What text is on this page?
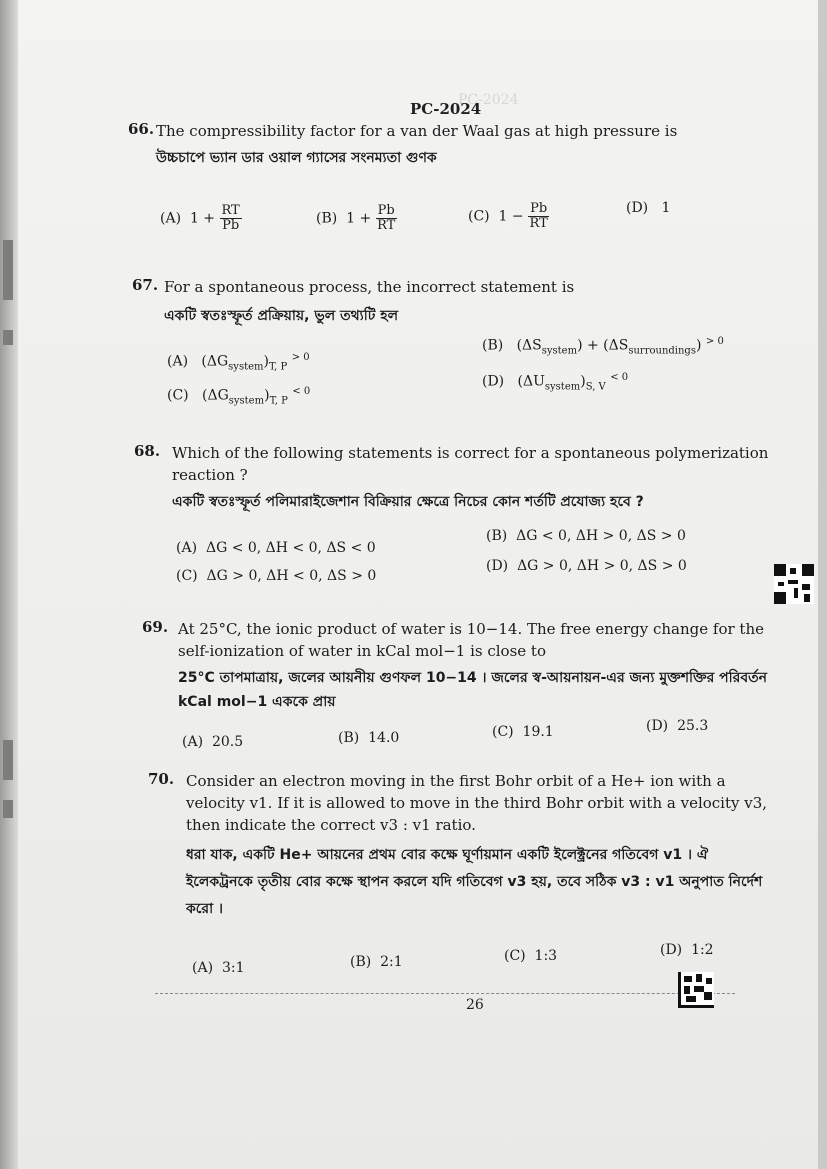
PC-2024
PC-2024
66. The compressibility factor for a van der Waal gas at high pressure is
উচ্চচাপে ভ্যান ডার ওয়াল গ্যাসের সংনম্যতা গুণক
(A) $1 + \frac{RT}{Pb}$	(B) $1 + \frac{Pb}{RT}$	(C) $1 - \frac{Pb}{RT}$	(D) 1
67. For a spontaneous process, the incorrect statement is
একটি স্বতঃস্ফূর্ত প্রক্রিয়ায়, ভুল তথ্যটি হল
(A)   $(\Delta G_{system})_{T, P}$ $^{> 0}$
(B)   $(\Delta S_{system}) + (\Delta S_{surroundings})$ $^{> 0}$
(C)   $(\Delta G_{system})_{T, P}$ $^{< 0}$
(D)   $(\Delta U_{system})_{S, V}$ $^{< 0}$
68. Which of the following statements is correct for a spontaneous polymerization reaction ?
একটি স্বতঃস্ফূর্ত পলিমারাইজেশান বিক্রিয়ার ক্ষেত্রে নিচের কোন শর্তটি প্রযোজ্য হবে ?
(A) ΔG < 0, ΔH < 0, ΔS < 0
(B) ΔG < 0, ΔH > 0, ΔS > 0
(C) ΔG > 0, ΔH < 0, ΔS > 0
(D) ΔG > 0, ΔH > 0, ΔS > 0
69. At 25°C, the ionic product of water is 10−14. The free energy change for the self-ionization of water in kCal mol−1 is close to
25°C তাপমাত্রায়, জলের আয়নীয় গুণফল 10−14 । জলের স্ব-আয়নায়ন-এর জন্য মুক্তশক্তির পরিবর্তন kCal mol−1 এককে প্রায়
(A) 20.5	(B) 14.0	(C) 19.1	(D) 25.3
70. Consider an electron moving in the first Bohr orbit of a He+ ion with a velocity v1. If it is allowed to move in the third Bohr orbit with a velocity v3, then indicate the correct v3 : v1 ratio.
ধরা যাক, একটি He+ আয়নের প্রথম বোর কক্ষে ঘূর্ণায়মান একটি ইলেক্ট্রনের গতিবেগ v1 । ঐ ইলেকট্রনকে তৃতীয় বোর কক্ষে স্থাপন করলে যদি গতিবেগ v3 হয়, তবে সঠিক v3 : v1 অনুপাত নির্দেশ করো ।
(A) 3:1	(B) 2:1	(C) 1:3	(D) 1:2
26
